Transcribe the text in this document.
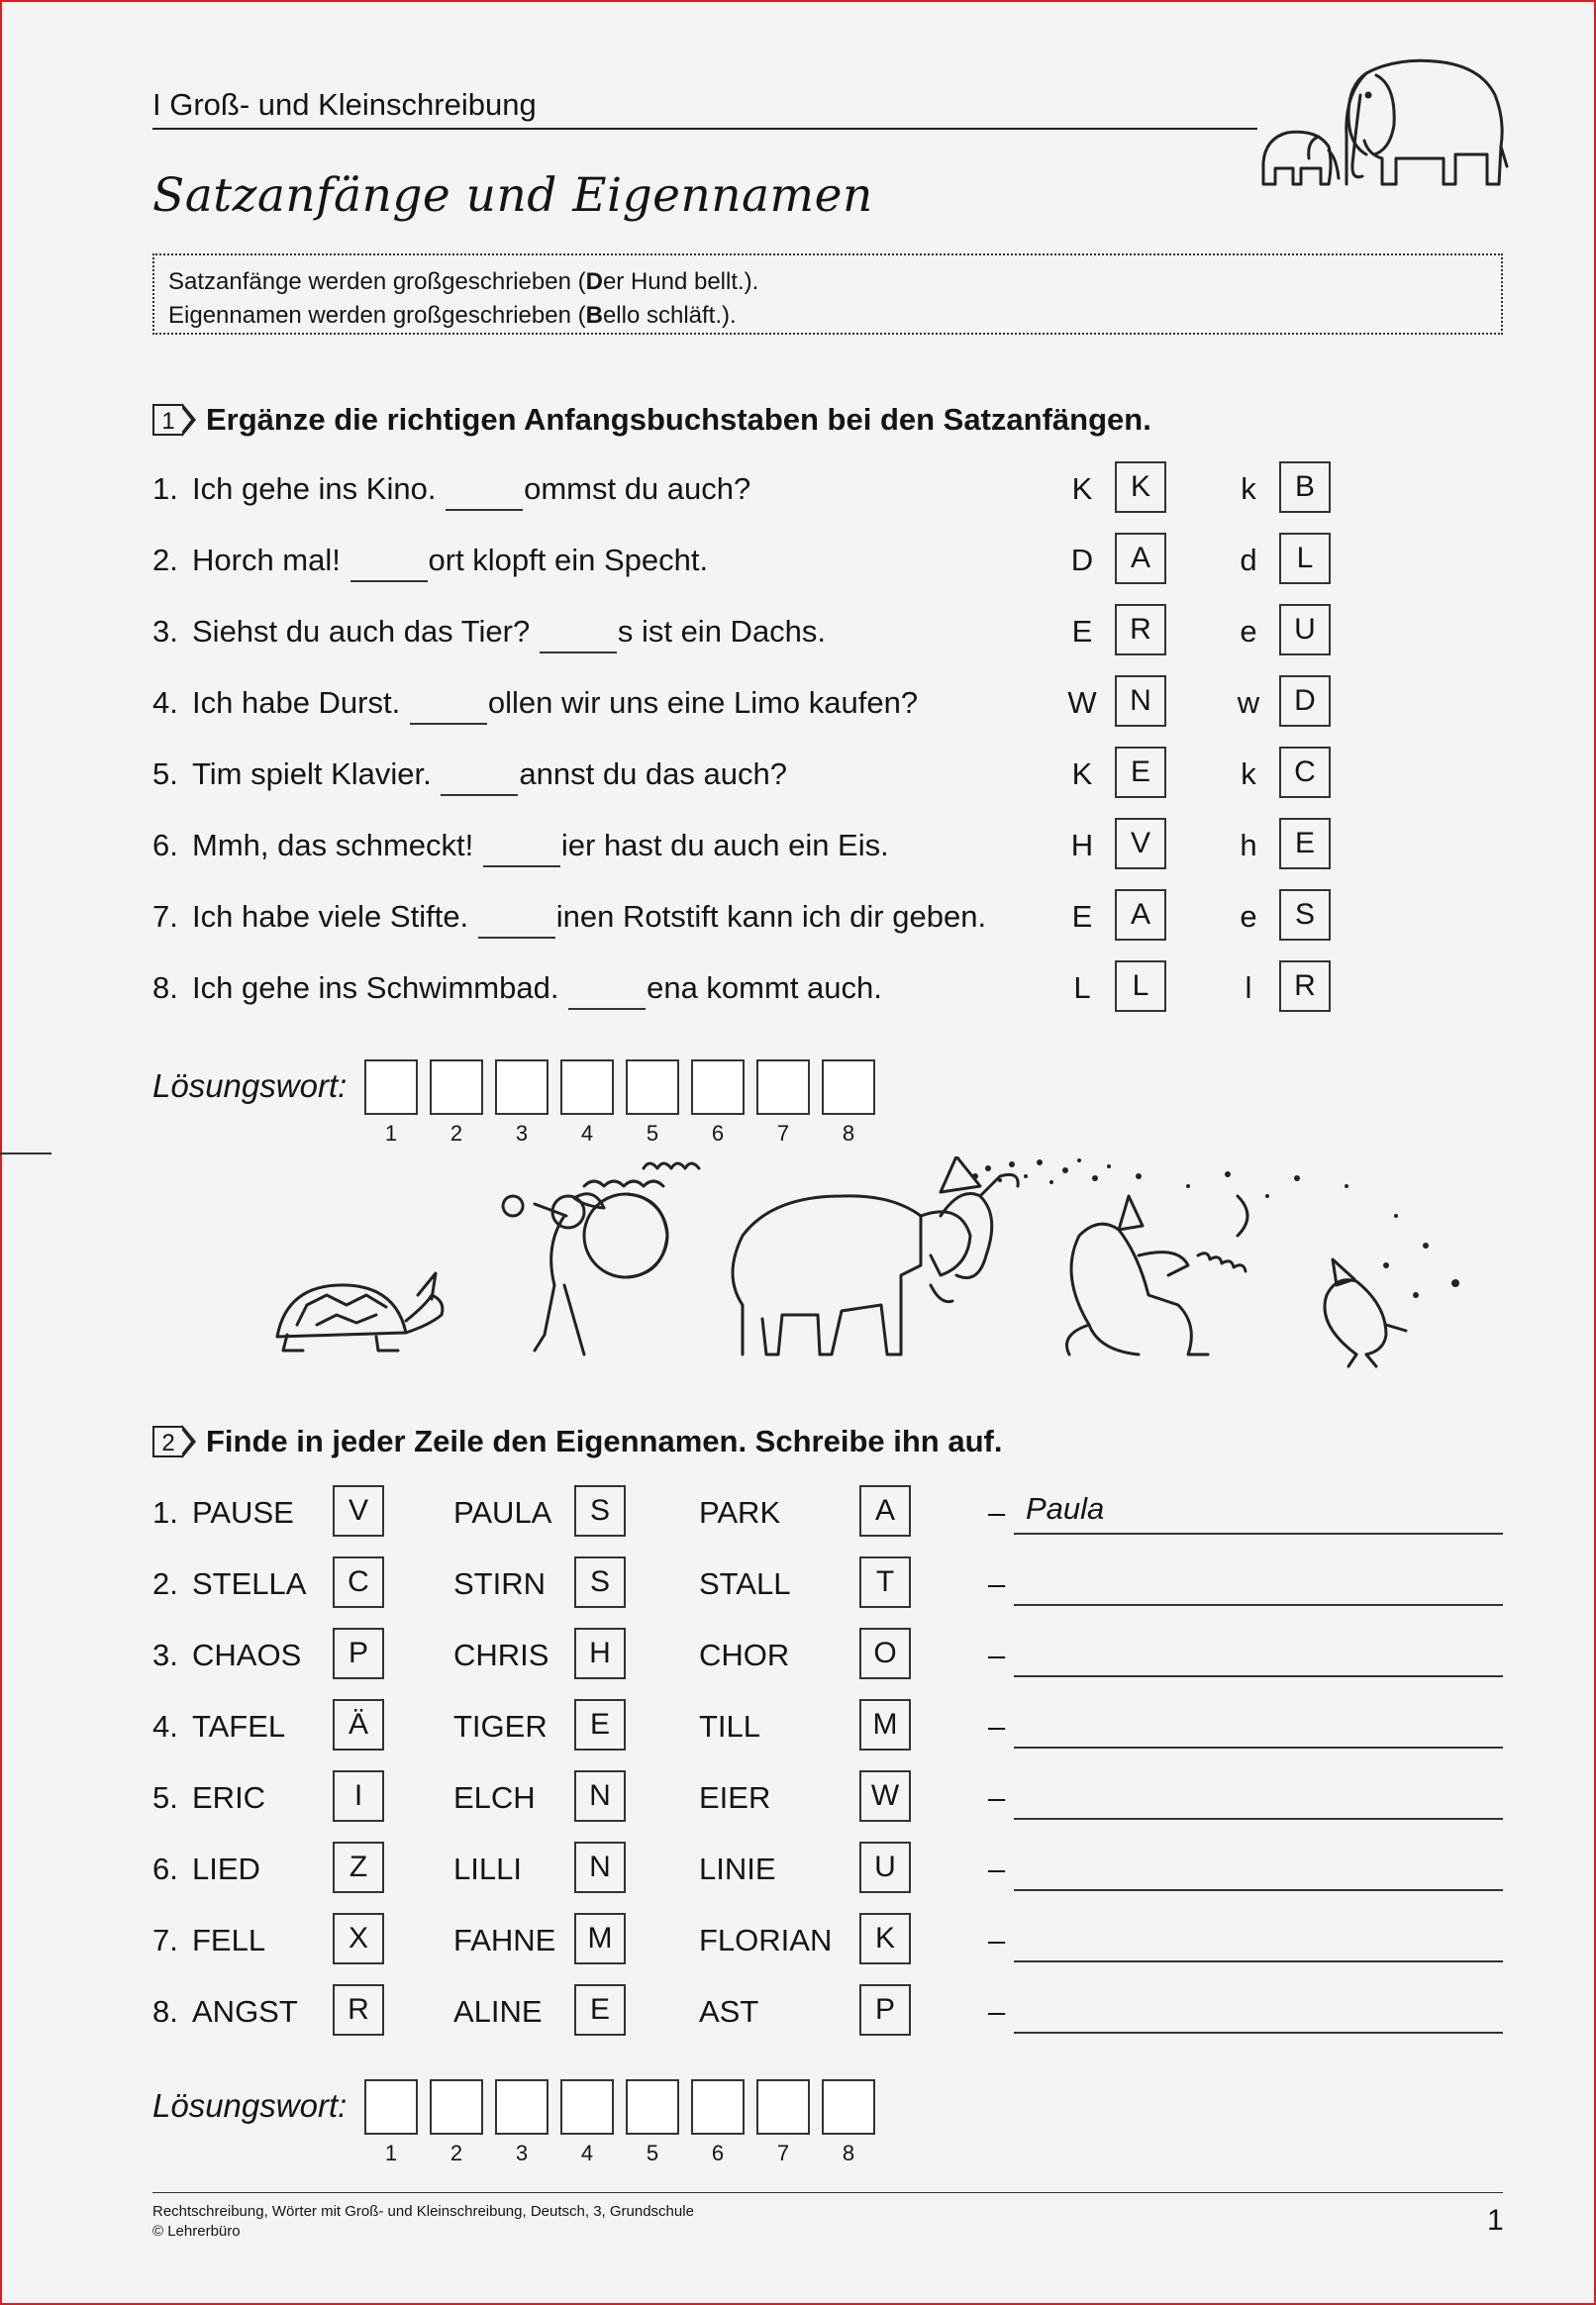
I Groß- und Kleinschreibung
Satzanfänge und Eigennamen
Satzanfänge werden großgeschrieben (Der Hund bellt.).
Eigennamen werden großgeschrieben (Bello schläft.).
1 Ergänze die richtigen Anfangsbuchstaben bei den Satzanfängen.
1. Ich gehe ins Kino.	ommst du auch?	K K	k B
2. Horch mal!	ort klopft ein Specht.	D A	d L
3. Siehst du auch das Tier?	s ist ein Dachs.	E R	e U
4. Ich habe Durst.	ollen wir uns eine Limo kaufen?	W N	w D
5. Tim spielt Klavier.	annst du das auch?	K E	k C
6. Mmh, das schmeckt!	ier hast du auch ein Eis.	H V	h E
7. Ich habe viele Stifte.	inen Rotstift kann ich dir geben.	E A	e S
8. Ich gehe ins Schwimmbad.	ena kommt auch.	L L	l	R
Lösungswort:
1	2	3	4	5	6	7	8
2 Finde in jeder Zeile den Eigennamen. Schreibe ihn auf.
1. PAUSE V	PAULA S	PARK	A	– Paula
2. STELLA C	STIRN S	STALL	T	–
3. CHAOS P	CHRIS H	CHOR	O	–
4. TAFEL Ä	TIGER E	TILL	M	–
5. ERIC	I	ELCH N	EIER	W	–
6. LIED	Z	LILLI N	LINIE	U	–
7. FELL	X	FAHNE M	FLORIAN K	–
8. ANGST R	ALINE E	AST	P	–
Lösungswort:
1	2	3	4	5	6	7	8
Rechtschreibung, Wörter mit Groß- und Kleinschreibung, Deutsch, 3, Grundschule
© Lehrerbüro	1
